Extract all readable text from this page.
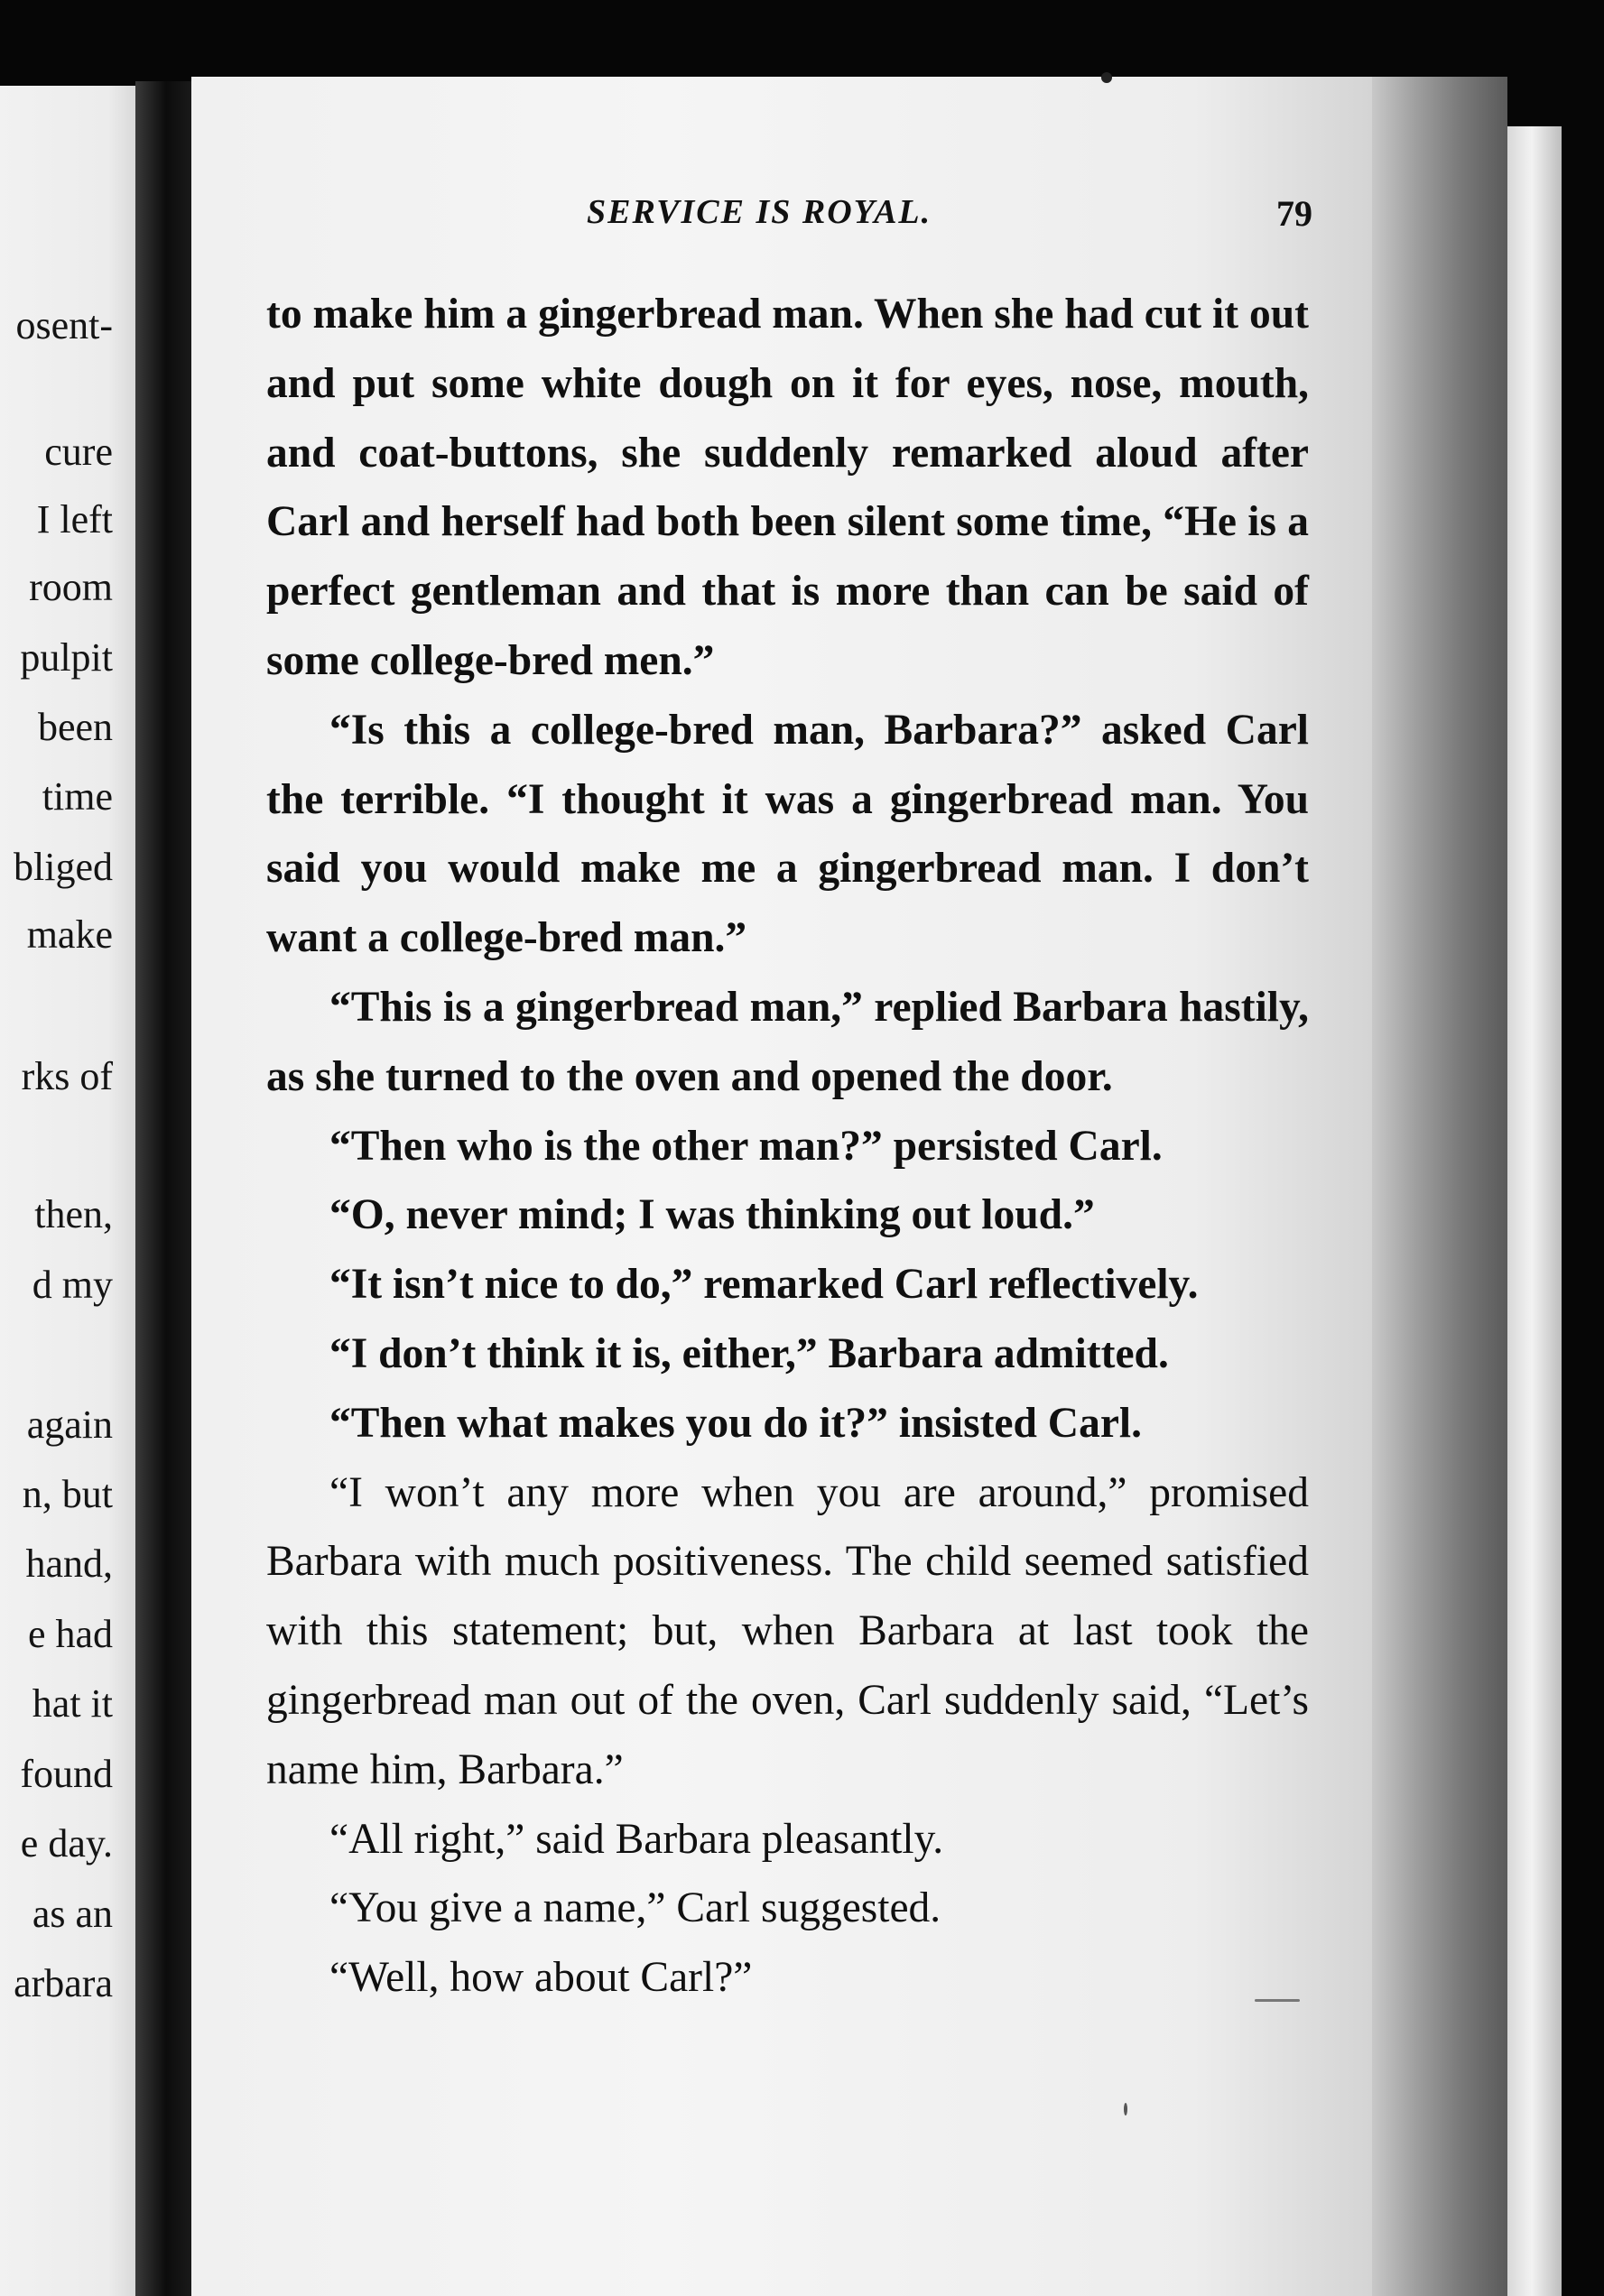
osent-

cure

I left

room

pulpit

been

time

bliged

make

rks of

then,

d my

again

n, but

hand,

e had

hat it

found

e day.

as an

arbara

SERVICE IS ROYAL.	79

to make him a gingerbread man. When she had cut it out and put some white dough on it for eyes, nose, mouth, and coat-buttons, she suddenly remarked aloud after Carl and herself had both been silent some time, “He is a perfect gentleman and that is more than can be said of some college-bred men.”

“Is this a college-bred man, Barbara?” asked Carl the terrible. “I thought it was a gingerbread man. You said you would make me a gingerbread man. I don’t want a college-bred man.”

“This is a gingerbread man,” replied Barbara hastily, as she turned to the oven and opened the door.

“Then who is the other man?” persisted Carl.

“O, never mind; I was thinking out loud.”

“It isn’t nice to do,” remarked Carl reflectively.

“I don’t think it is, either,” Barbara admitted.

“Then what makes you do it?” insisted Carl.

“I won’t any more when you are around,” promised Barbara with much positiveness. The child seemed satisfied with this statement; but, when Barbara at last took the gingerbread man out of the oven, Carl suddenly said, “Let’s name him, Barbara.”

“All right,” said Barbara pleasantly.

“You give a name,” Carl suggested.

“Well, how about Carl?”
